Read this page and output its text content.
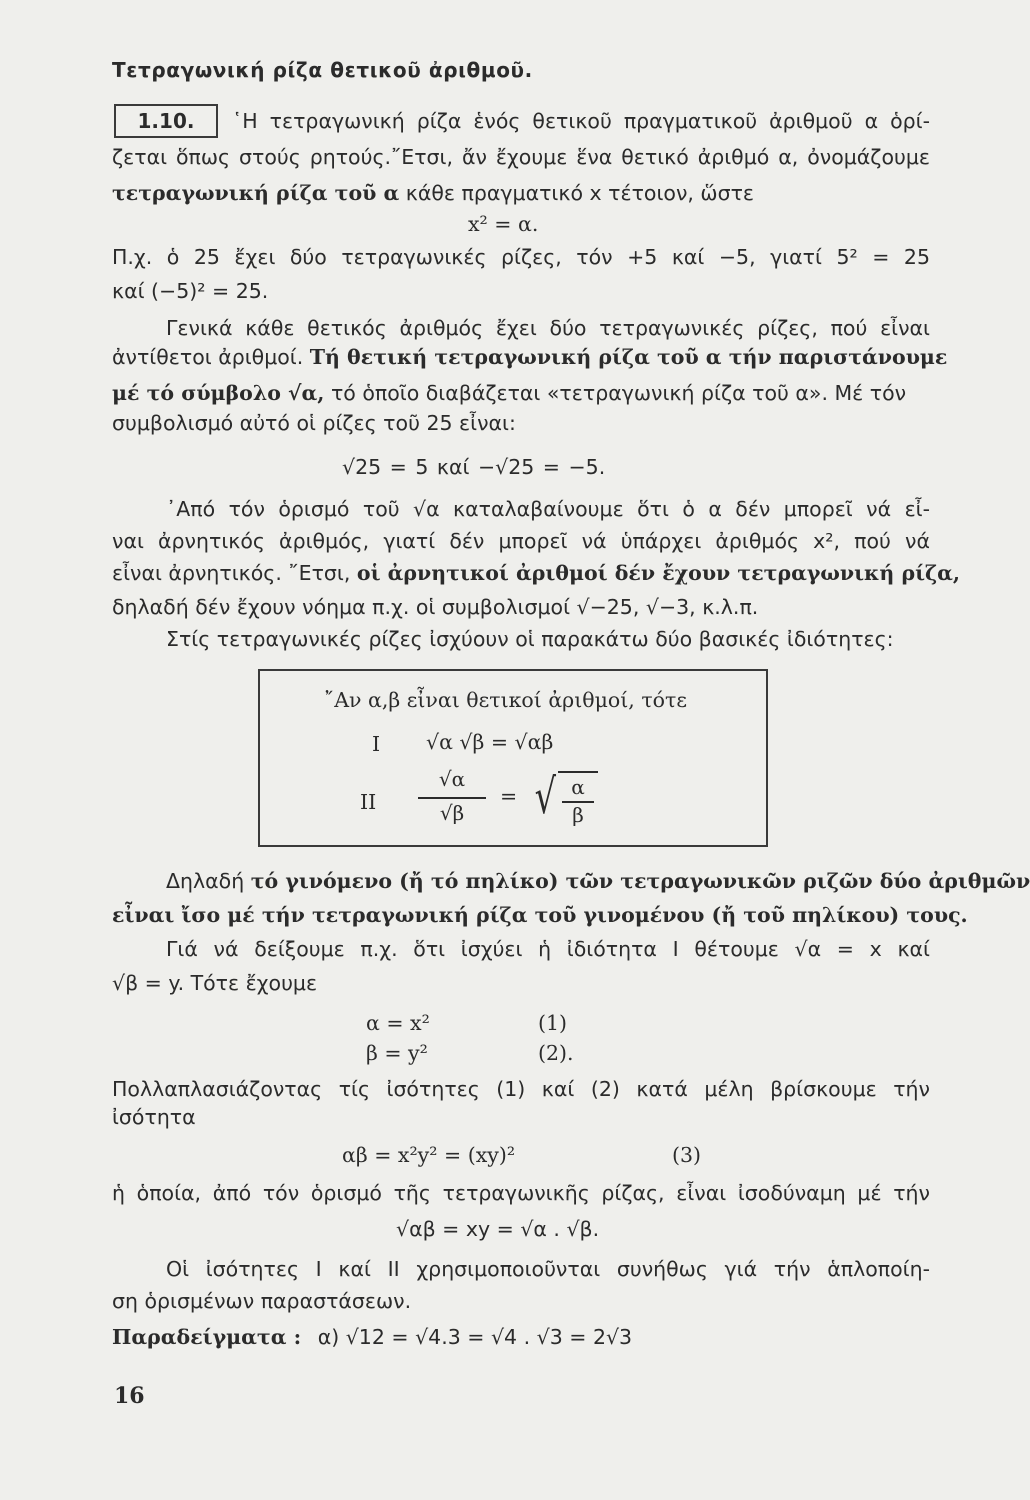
Τετραγωνική ρίζα θετικοῦ ἀριθμοῦ.
1.10.	῾Η τετραγωνική ρίζα ἑνός θετικοῦ πραγματικοῦ ἀριθμοῦ α ὁρί-
ζεται ὅπως στούς ρητούς.῎Ετσι, ἄν ἔχουμε ἕνα θετικό ἀριθμό α, ὀνομάζουμε
τετραγωνική ρίζα τοῦ α κάθε πραγματικό x τέτοιον, ὥστε
x² = α.
Π.χ. ὁ 25 ἔχει δύο τετραγωνικές ρίζες, τόν +5 καί −5, γιατί 5² = 25
καί (−5)² = 25.
Γενικά κάθε θετικός ἀριθμός ἔχει δύο τετραγωνικές ρίζες, πού εἶναι
ἀντίθετοι ἀριθμοί. Τή θετική τετραγωνική ρίζα τοῦ α τήν παριστάνουμε
μέ τό σύμβολο √α, τό ὁποῖο διαβάζεται «τετραγωνική ρίζα τοῦ α». Μέ τόν
συμβολισμό αὐτό οἱ ρίζες τοῦ 25 εἶναι:
√25 = 5 καί −√25 = −5.
᾽Από τόν ὁρισμό τοῦ √α καταλαβαίνουμε ὅτι ὁ α δέν μπορεῖ νά εἶ-
ναι ἀρνητικός ἀριθμός, γιατί δέν μπορεῖ νά ὑπάρχει ἀριθμός x², πού νά
εἶναι ἀρνητικός. ῎Ετσι, οἱ ἀρνητικοί ἀριθμοί δέν ἔχουν τετραγωνική ρίζα,
δηλαδή δέν ἔχουν νόημα π.χ. οἱ συμβολισμοί √−25, √−3, κ.λ.π.
Στίς τετραγωνικές ρίζες ἰσχύουν οἱ παρακάτω δύο βασικές ἰδιότητες:
῎Αν α,β εἶναι θετικοί ἀριθμοί, τότε
I √α √β = √αβ
II
√α
√β
= √ α
β
Δηλαδή τό γινόμενο (ἤ τό πηλίκο) τῶν τετραγωνικῶν ριζῶν δύο ἀριθμῶν
εἶναι ἴσο μέ τήν τετραγωνική ρίζα τοῦ γινομένου (ἤ τοῦ πηλίκου) τους.
Γιά νά δείξουμε π.χ. ὅτι ἰσχύει ἡ ἰδιότητα Ι θέτουμε √α = x καί
√β = y. Τότε ἔχουμε
α = x²	(1)
β = y²	(2).
Πολλαπλασιάζοντας τίς ἰσότητες (1) καί (2) κατά μέλη βρίσκουμε τήν
ἰσότητα
αβ = x²y² = (xy)²	(3)
ἡ ὁποία, ἀπό τόν ὁρισμό τῆς τετραγωνικῆς ρίζας, εἶναι ἰσοδύναμη μέ τήν
√αβ = xy = √α . √β.
Οἱ ἰσότητες Ι καί ΙΙ χρησιμοποιοῦνται συνήθως γιά τήν ἁπλοποίη-
ση ὁρισμένων παραστάσεων.
Παραδείγματα : α) √12 = √4.3 = √4 . √3 = 2√3
16
